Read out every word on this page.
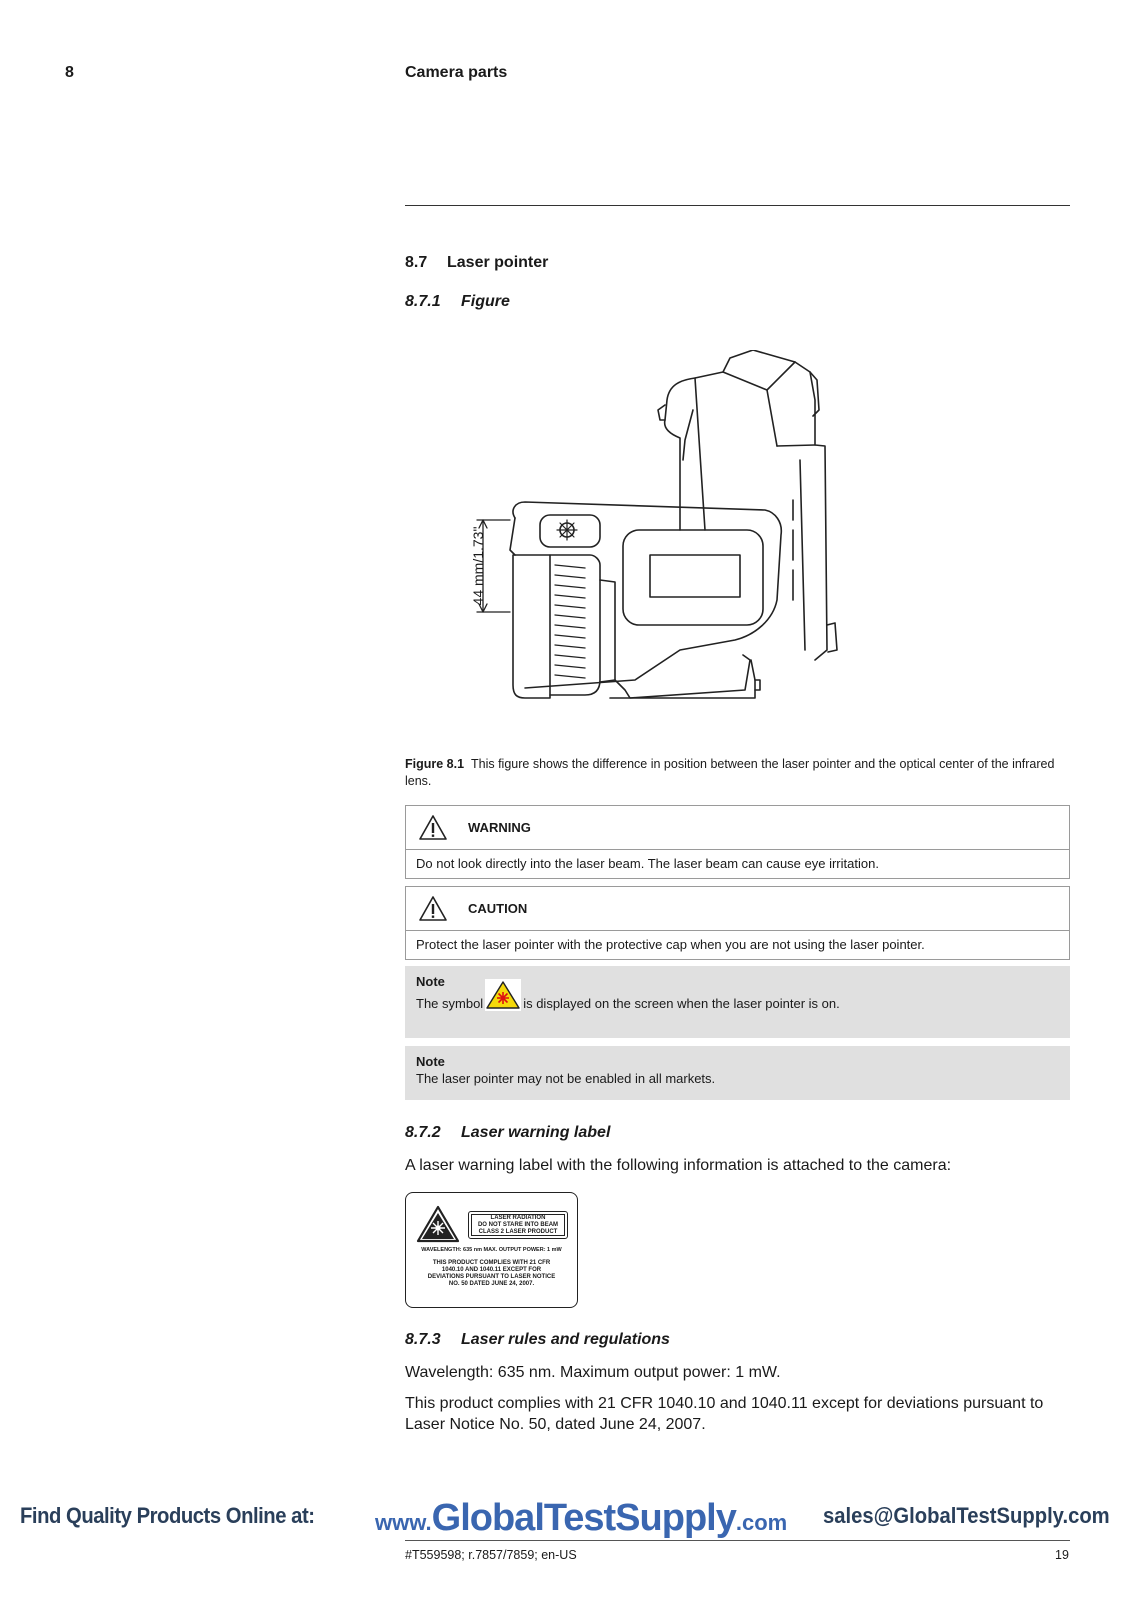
8	Camera parts
8.7 Laser pointer
8.7.1 Figure
44 mm/1.73"
Figure 8.1 This figure shows the difference in position between the laser pointer and the optical center of the infrared lens.
WARNING
Do not look directly into the laser beam. The laser beam can cause eye irritation.
CAUTION
Protect the laser pointer with the protective cap when you are not using the laser pointer.
Note
The symbol	is displayed on the screen when the laser pointer is on.
Note
The laser pointer may not be enabled in all markets.
8.7.2 Laser warning label
A laser warning label with the following information is attached to the camera:
LASER RADIATION
DO NOT STARE INTO BEAM
CLASS 2 LASER PRODUCT
WAVELENGTH: 635 nm MAX. OUTPUT POWER: 1 mW
THIS PRODUCT COMPLIES WITH 21 CFR
1040.10 AND 1040.11 EXCEPT FOR
DEVIATIONS PURSUANT TO LASER NOTICE
NO. 50 DATED JUNE 24, 2007.
8.7.3 Laser rules and regulations
Wavelength: 635 nm. Maximum output power: 1 mW.
This product complies with 21 CFR 1040.10 and 1040.11 except for deviations pursuant to Laser Notice No. 50, dated June 24, 2007.
Find Quality Products Online at:	www.GlobalTestSupply.com sales@GlobalTestSupply.com
#T559598; r.7857/7859; en-US	19
